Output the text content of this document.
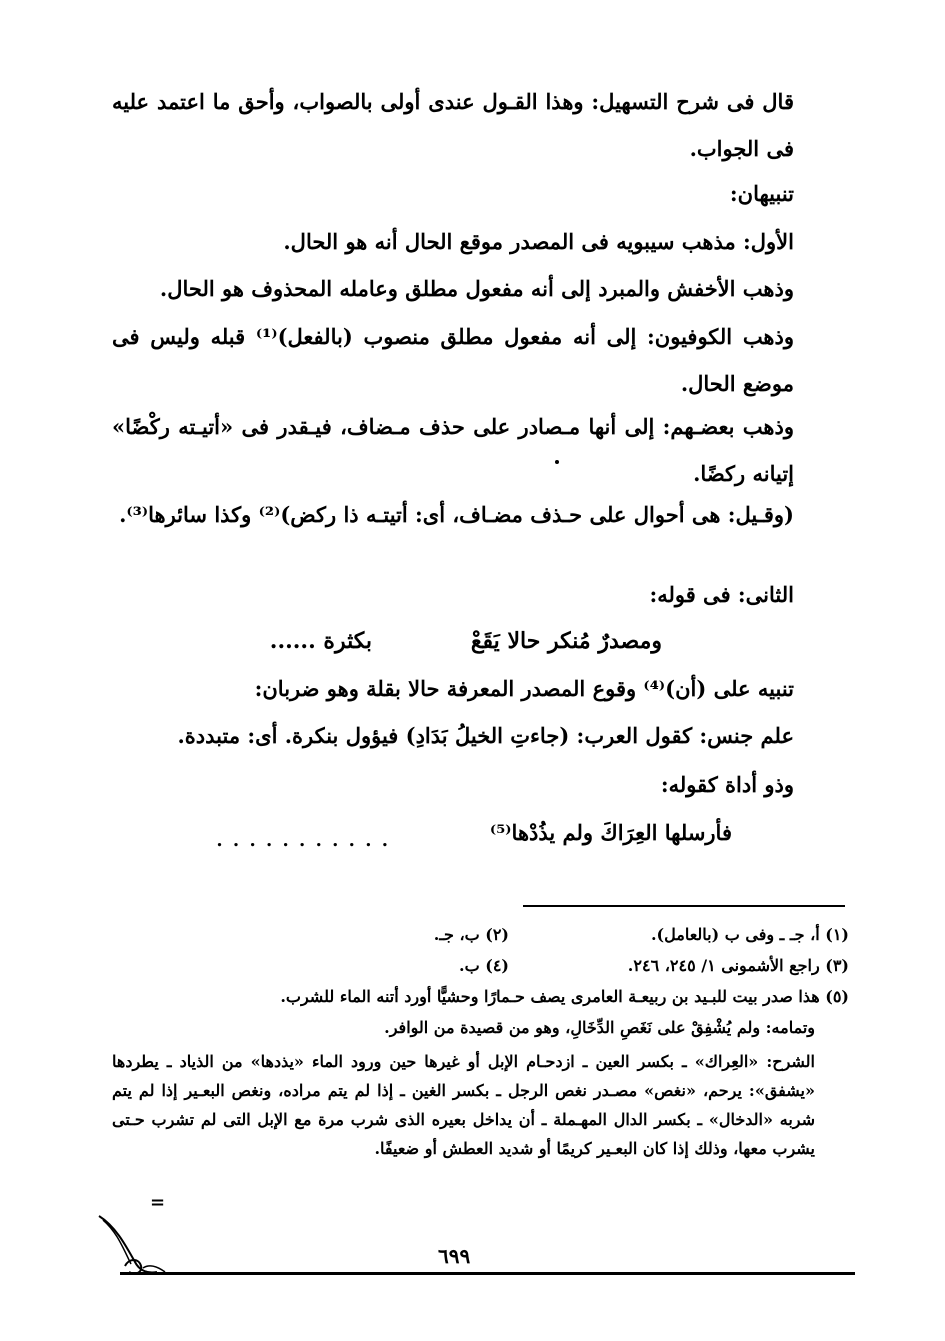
قال فى شرح التسهيل: وهذا القـول عندى أولى بالصواب، وأحق ما اعتمد عليه فى الجواب.
تنبيهان:
الأول: مذهب سيبويه فى المصدر موقع الحال أنه هو الحال.
وذهب الأخفش والمبرد إلى أنه مفعول مطلق وعامله المحذوف هو الحال.
وذهب الكوفيون: إلى أنه مفعول مطلق منصوب (بالفعل)⁽¹⁾ قبله وليس فى موضع الحال.
وذهب بعضـهم: إلى أنها مـصادر على حذف مـضاف، فيـقدر فى «أتيـته ركْضًا» إتيانه ركضًا.
(وقـيل: هى أحوال على حـذف مضـاف، أى: أتيتـه ذا ركض)⁽²⁾ وكذا سائرها⁽³⁾.
الثانى: فى قوله:
ومصدرٌ مُنكر حالا يَقَعْ
بكثرة ......
تنبيه على (أن)⁽⁴⁾ وقوع المصدر المعرفة حالا بقلة وهو ضربان:
علم جنس: كقول العرب: (جاءتِ الخيلُ بَدَادِ) فيؤول بنكرة. أى: متبددة.
وذو أداة كقوله:
فأرسلها العِرَاكَ ولم يذُدْها⁽⁵⁾
. . . . . . . . . . .
(١) أ، جـ ـ وفى ب (بالعامل).
(٢) ب، جـ.
(٣) راجع الأشمونى ١/ ٢٤٥، ٢٤٦.
(٤) ب.
(٥) هذا صدر بيت للبـيد بن ربيعـة العامرى يصف حـمارًا وحشيًّا أورد أتنه الماء للشرب.
وتمامه: ولم يُشْفِقْ على نَغَصِ الدِّخَالِ، وهو من قصيدة من الوافر.
الشرح: «العِراك» ـ بكسر العين ـ ازدحـام الإبل أو غيرها حين ورود الماء «يذدها» من الذياد ـ يطردها «يشفق»: يرحم، «نغص» مصـدر نغص الرجل ـ بكسر الغين ـ إذا لم يتم مراده، ونغص البعـير إذا لم يتم شربه «الدخال» ـ بكسر الدال المهـملة ـ أن يداخل بعيره الذى شرب مرة مع الإبل التى لم تشرب حـتى يشرب معها، وذلك إذا كان البعـير كريمًا أو شديد العطش أو ضعيفًا.
=
٦٩٩
